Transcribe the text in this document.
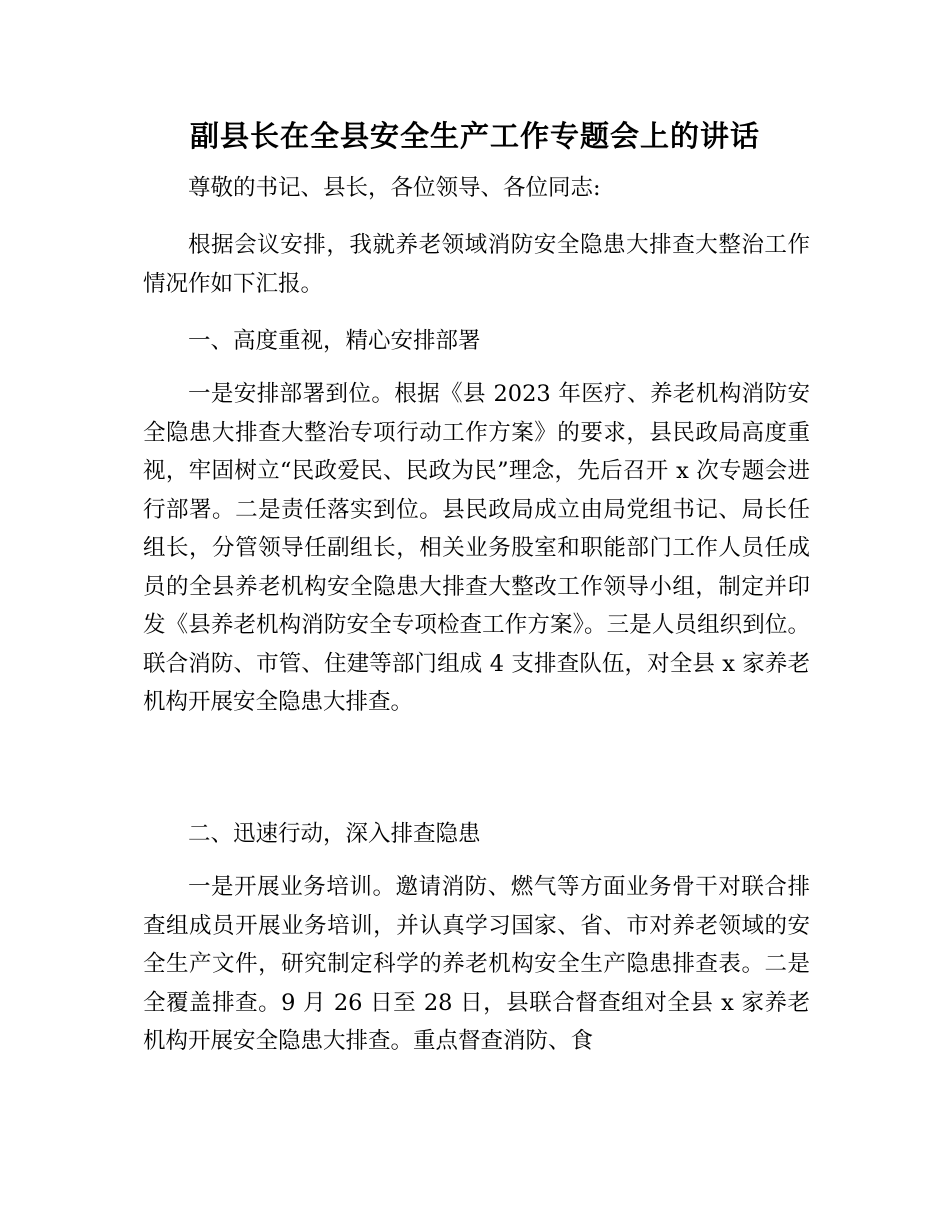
副县长在全县安全生产工作专题会上的讲话

尊敬的书记、县长，各位领导、各位同志:

根据会议安排，我就养老领域消防安全隐患大排查大整治工作情况作如下汇报。

一、高度重视，精心安排部署

一是安排部署到位。根据《县 2023 年医疗、养老机构消防安全隐患大排查大整治专项行动工作方案》的要求，县民政局高度重视，牢固树立“民政爱民、民政为民”理念，先后召开 x 次专题会进行部署。二是责任落实到位。县民政局成立由局党组书记、局长任组长，分管领导任副组长，相关业务股室和职能部门工作人员任成员的全县养老机构安全隐患大排查大整改工作领导小组，制定并印发《县养老机构消防安全专项检查工作方案》。三是人员组织到位。联合消防、市管、住建等部门组成 4 支排查队伍，对全县 x 家养老机构开展安全隐患大排查。

二、迅速行动，深入排查隐患

一是开展业务培训。邀请消防、燃气等方面业务骨干对联合排查组成员开展业务培训，并认真学习国家、省、市对养老领域的安全生产文件，研究制定科学的养老机构安全生产隐患排查表。二是全覆盖排查。9 月 26 日至 28 日，县联合督查组对全县 x 家养老机构开展安全隐患大排查。重点督查消防、食
